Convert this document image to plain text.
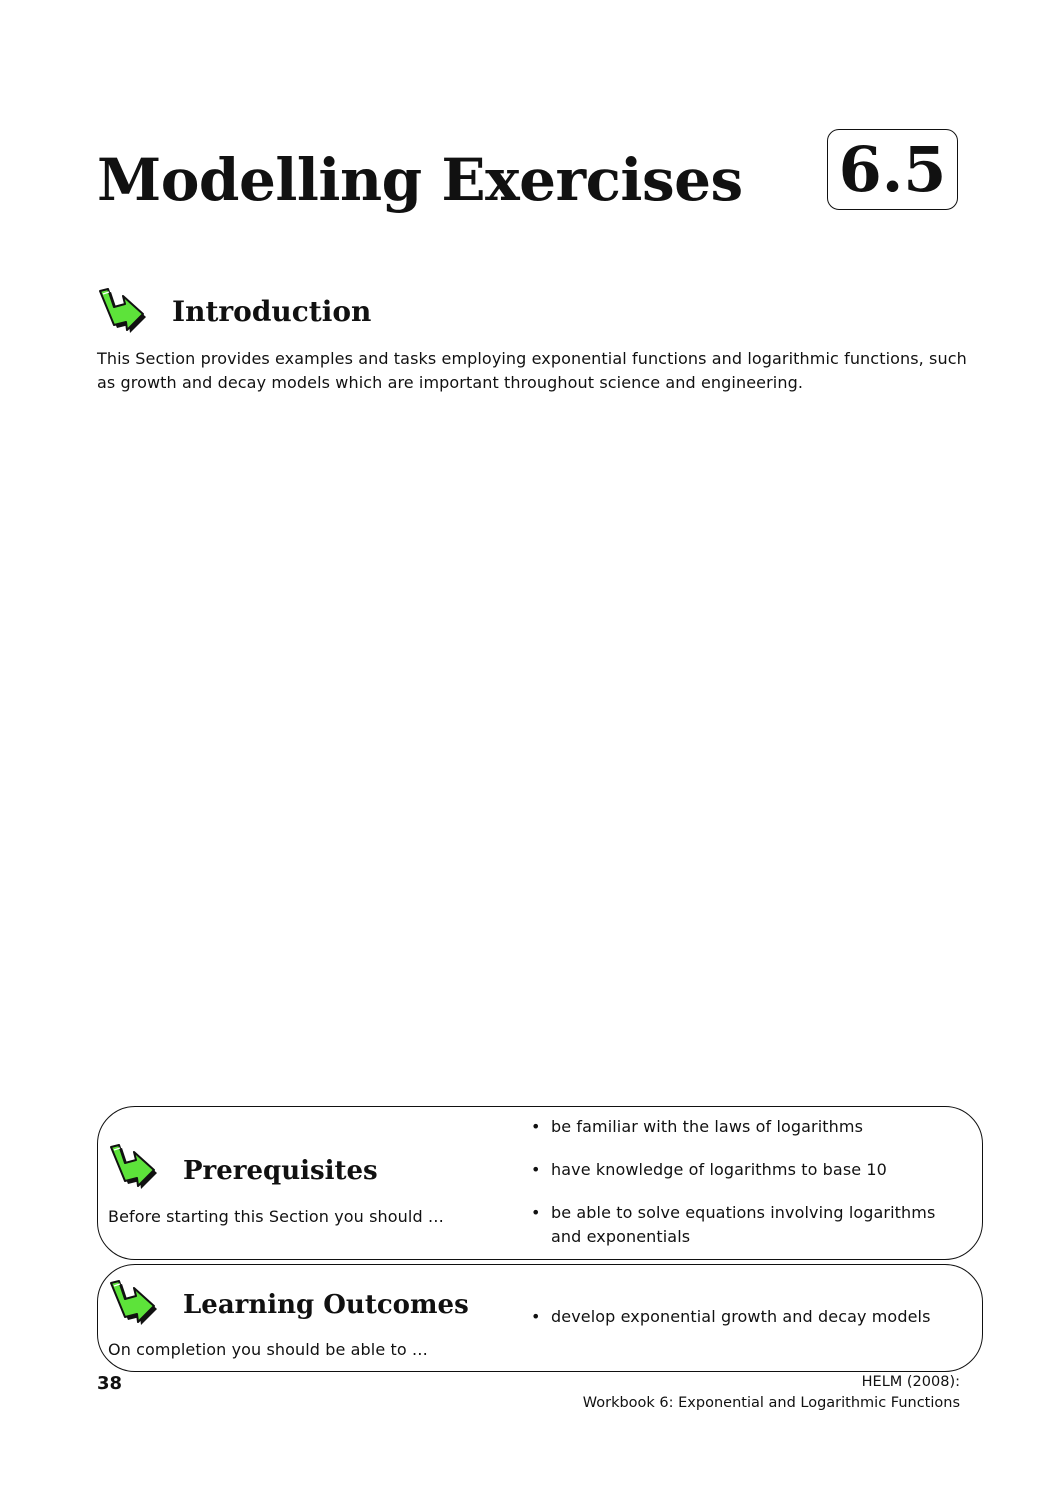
Modelling Exercises 6.5
Introduction

This Section provides examples and tasks employing exponential functions and logarithmic functions, such as growth and decay models which are important throughout science and engineering.

Prerequisites

Before starting this Section you should …

• be familiar with the laws of logarithms
• have knowledge of logarithms to base 10
• be able to solve equations involving logarithms and exponentials
Learning Outcomes

On completion you should be able to …

• develop exponential growth and decay models
38	HELM (2008):
Workbook 6: Exponential and Logarithmic Functions
